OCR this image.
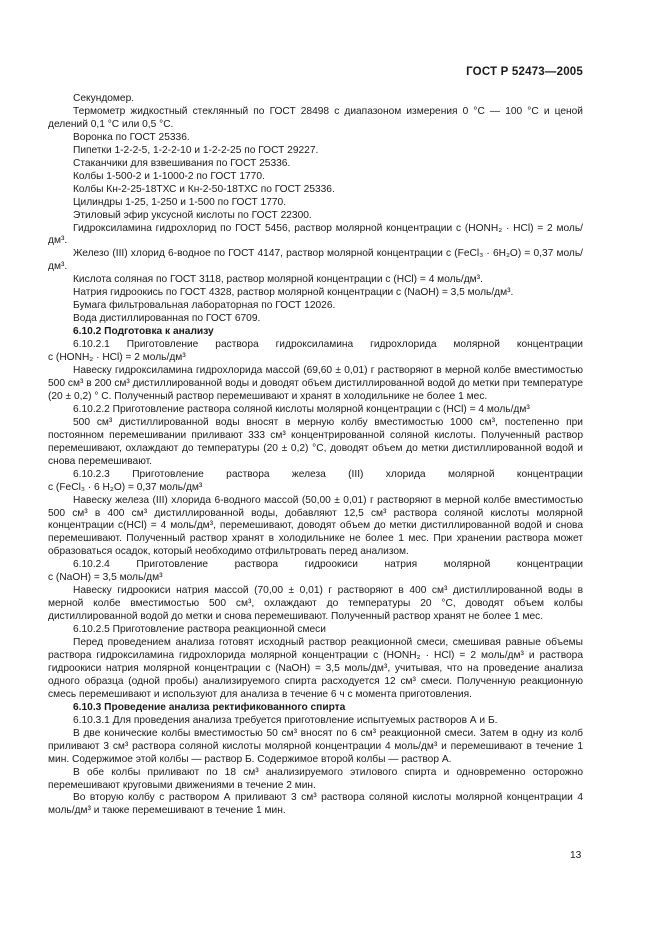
ГОСТ Р 52473—2005

Секундомер.

Термометр жидкостный стеклянный по ГОСТ 28498 с диапазоном измерения 0 °С — 100 °С и ценой делений 0,1 °С или 0,5 °С.

Воронка по ГОСТ 25336.

Пипетки 1-2-2-5, 1-2-2-10 и 1-2-2-25 по ГОСТ 29227.

Стаканчики для взвешивания по ГОСТ 25336.

Колбы 1-500-2 и 1-1000-2 по ГОСТ 1770.

Колбы Кн-2-25-18ТХС и Кн-2-50-18ТХС по ГОСТ 25336.

Цилиндры 1-25, 1-250 и 1-500 по ГОСТ 1770.

Этиловый эфир уксусной кислоты по ГОСТ 22300.

Гидроксиламина гидрохлорид по ГОСТ 5456, раствор молярной концентрации с (HONH₂ · HCl) = 2 моль/дм³.

Железо (III) хлорид 6-водное по ГОСТ 4147, раствор молярной концентрации с (FeCl₃ · 6H₂O) = 0,37 моль/дм³.

Кислота соляная по ГОСТ 3118, раствор молярной концентрации с (HCl) = 4 моль/дм³.

Натрия гидроокись по ГОСТ 4328, раствор молярной концентрации с (NaOH) = 3,5 моль/дм³.

Бумага фильтровальная лабораторная по ГОСТ 12026.

Вода дистиллированная по ГОСТ 6709.

6.10.2 Подготовка к анализу

6.10.2.1 Приготовление раствора гидроксиламина гидрохлорида молярной концентрации

с (HONH₂ · HCl) = 2 моль/дм³

Навеску гидроксиламина гидрохлорида массой (69,60 ± 0,01) г растворяют в мерной колбе вместимостью 500 см³ в 200 см³ дистиллированной воды и доводят объем дистиллированной водой до метки при температуре (20 ± 0,2) ° С. Полученный раствор перемешивают и хранят в холодильнике не более 1 мес.

6.10.2.2 Приготовление раствора соляной кислоты молярной концентрации с (HCl) = 4 моль/дм³

500 см³ дистиллированной воды вносят в мерную колбу вместимостью 1000 см³, постепенно при постоянном перемешивании приливают 333 см³ концентрированной соляной кислоты. Полученный раствор перемешивают, охлаждают до температуры (20 ± 0,2) °С, доводят объем до метки дистиллированной водой и снова перемешивают.

6.10.2.3 Приготовление раствора железа (III) хлорида молярной концентрации

с (FeCl₃ · 6 H₂O) = 0,37 моль/дм³

Навеску железа (III) хлорида 6-водного массой (50,00 ± 0,01) г растворяют в мерной колбе вместимостью 500 см³ в 400 см³ дистиллированной воды, добавляют 12,5 см³ раствора соляной кислоты молярной концентрации с(HCl) = 4 моль/дм³, перемешивают, доводят объем до метки дистиллированной водой и снова перемешивают. Полученный раствор хранят в холодильнике не более 1 мес. При хранении раствора может образоваться осадок, который необходимо отфильтровать перед анализом.

6.10.2.4 Приготовление раствора гидроокиси натрия молярной концентрации

с (NaOH) = 3,5 моль/дм³

Навеску гидроокиси натрия массой (70,00 ± 0,01) г растворяют в 400 см³ дистиллированной воды в мерной колбе вместимостью 500 см³, охлаждают до температуры 20 °С, доводят объем колбы дистиллированной водой до метки и снова перемешивают. Полученный раствор хранят не более 1 мес.

6.10.2.5 Приготовление раствора реакционной смеси

Перед проведением анализа готовят исходный раствор реакционной смеси, смешивая равные объемы раствора гидроксиламина гидрохлорида молярной концентрации с (HONH₂ · HCl) = 2 моль/дм³ и раствора гидроокиси натрия молярной концентрации с (NaOH) = 3,5 моль/дм³, учитывая, что на проведение анализа одного образца (одной пробы) анализируемого спирта расходуется 12 см³ смеси. Полученную реакционную смесь перемешивают и используют для анализа в течение 6 ч с момента приготовления.

6.10.3 Проведение анализа ректификованного спирта

6.10.3.1 Для проведения анализа требуется приготовление испытуемых растворов А и Б.

В две конические колбы вместимостью 50 см³ вносят по 6 см³ реакционной смеси. Затем в одну из колб приливают 3 см³ раствора соляной кислоты молярной концентрации 4 моль/дм³ и перемешивают в течение 1 мин. Содержимое этой колбы — раствор Б. Содержимое второй колбы — раствор А.

В обе колбы приливают по 18 см³ анализируемого этилового спирта и одновременно осторожно перемешивают круговыми движениями в течение 2 мин.

Во вторую колбу с раствором А приливают 3 см³ раствора соляной кислоты молярной концентрации 4 моль/дм³ и также перемешивают в течение 1 мин.

13
